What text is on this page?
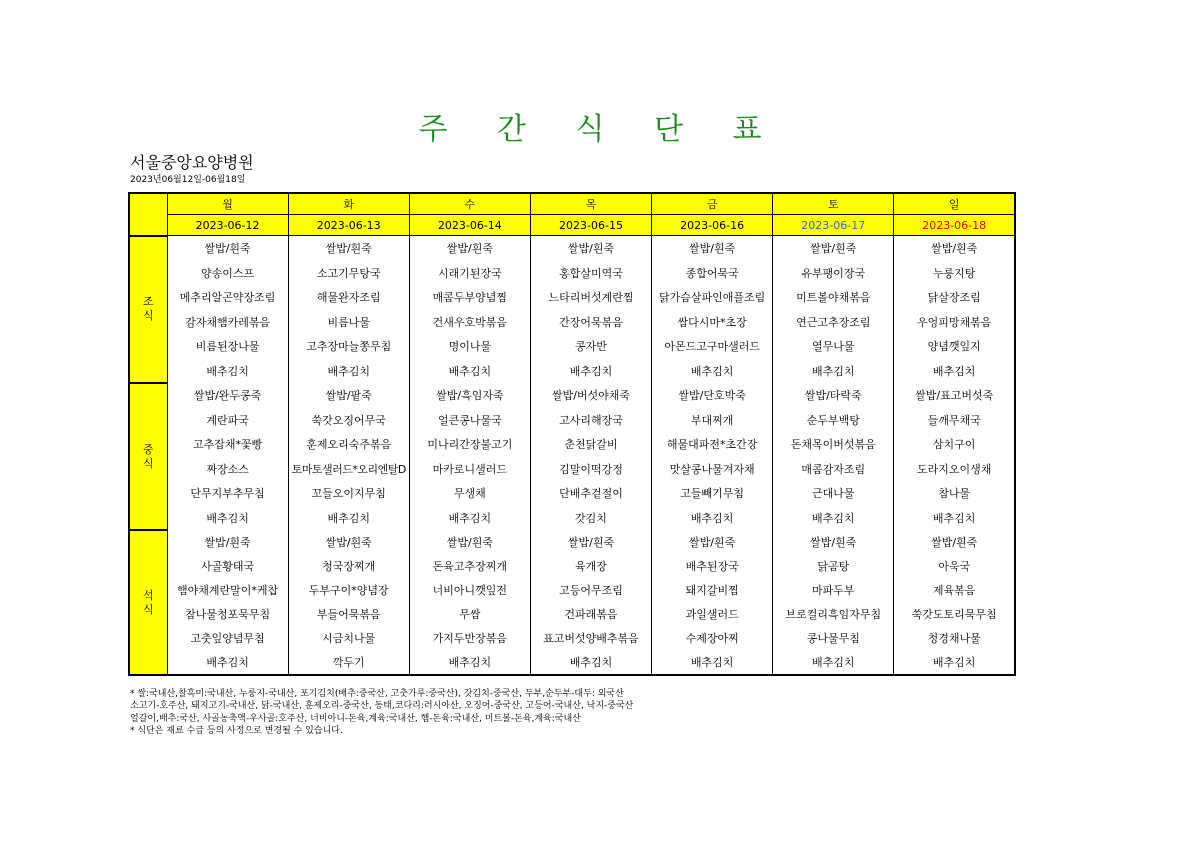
주 간 식 단 표
서울중앙요양병원
2023년06월12일-06월18일
	월	화	수	목	금	토	일
	2023-06-12	2023-06-13	2023-06-14	2023-06-15	2023-06-16	2023-06-17	2023-06-18

조
식	쌀밥/흰죽	쌀밥/흰죽	쌀밥/흰죽	쌀밥/흰죽	쌀밥/흰죽	쌀밥/흰죽	쌀밥/흰죽
	양송이스프	소고기무탕국	시래기된장국	홍합살미역국	종합어묵국	유부팽이장국	누룽지탕
	메추리알곤약장조림	해물완자조림	매콤두부양념찜	느타리버섯계란찜	닭가슴살파인애플조림	미트볼야채볶음	닭살장조림
	감자채햄카레볶음	비름나물	건새우호박볶음	간장어묵볶음	쌈다시마*초장	연근고추장조림	우엉피망채볶음
	비름된장나물	고추장마늘쫑무침	명이나물	콩자반	아몬드고구마샐러드	열무나물	양념깻잎지
	배추김치	배추김치	배추김치	배추김치	배추김치	배추김치	배추김치

중
식	쌀밥/완두콩죽	쌀밥/팥죽	쌀밥/흑임자죽	쌀밥/버섯야채죽	쌀밥/단호박죽	쌀밥/타락죽	쌀밥/표고버섯죽
	계란파국	쑥갓오징어무국	얼큰콩나물국	고사리해장국	부대찌개	순두부백탕	들깨무채국
	고추잡채*꽃빵	훈제오리숙주볶음	미나리간장불고기	춘천닭갈비	해물대파전*초간장	돈채목이버섯볶음	삼치구이
	짜장소스	토마토샐러드*오리엔탈D	마카로니샐러드	김말이떡강정	맛살콩나물겨자채	매콤감자조림	도라지오이생채
	단무지부추무침	꼬들오이지무침	무생채	단배추겉절이	고들빼기무침	근대나물	참나물
	배추김치	배추김치	배추김치	갓김치	배추김치	배추김치	배추김치

석
식	쌀밥/흰죽	쌀밥/흰죽	쌀밥/흰죽	쌀밥/흰죽	쌀밥/흰죽	쌀밥/흰죽	쌀밥/흰죽
	사골황태국	청국장찌개	돈육고추장찌개	육개장	배추된장국	닭곰탕	아욱국
	햄야채계란말이*케찹	두부구이*양념장	너비아니깻잎전	고등어무조림	돼지갈비찜	마파두부	제육볶음
	참나물청포묵무침	부들어묵볶음	무쌈	건파래볶음	과일샐러드	브로컬리흑임자무침	쑥갓도토리묵무침
	고춧잎양념무침	시금치나물	가지두반장볶음	표고버섯양배추볶음	수제장아찌	콩나물무침	청경채나물
	배추김치	깍두기	배추김치	배추김치	배추김치	배추김치	배추김치
* 쌀:국내산,찰흑미:국내산, 누룽지-국내산, 포기김치(배추:중국산, 고춧가루:중국산), 갓김치-중국산, 두부,순두부-대두: 외국산
소고기-호주산, 돼지고기-국내산, 닭-국내산, 훈제오리-중국산, 동태,코다리:러시아산, 오징어-중국산, 고등어-국내산, 낙지-중국산
얼갈이,배추:국산, 사골농축액-우사골:호주산, 너비아니-돈육,계육:국내산, 햄-돈육:국내산, 미트볼-돈육,계육:국내산
* 식단은 재료 수급 등의 사정으로 변경될 수 있습니다.
